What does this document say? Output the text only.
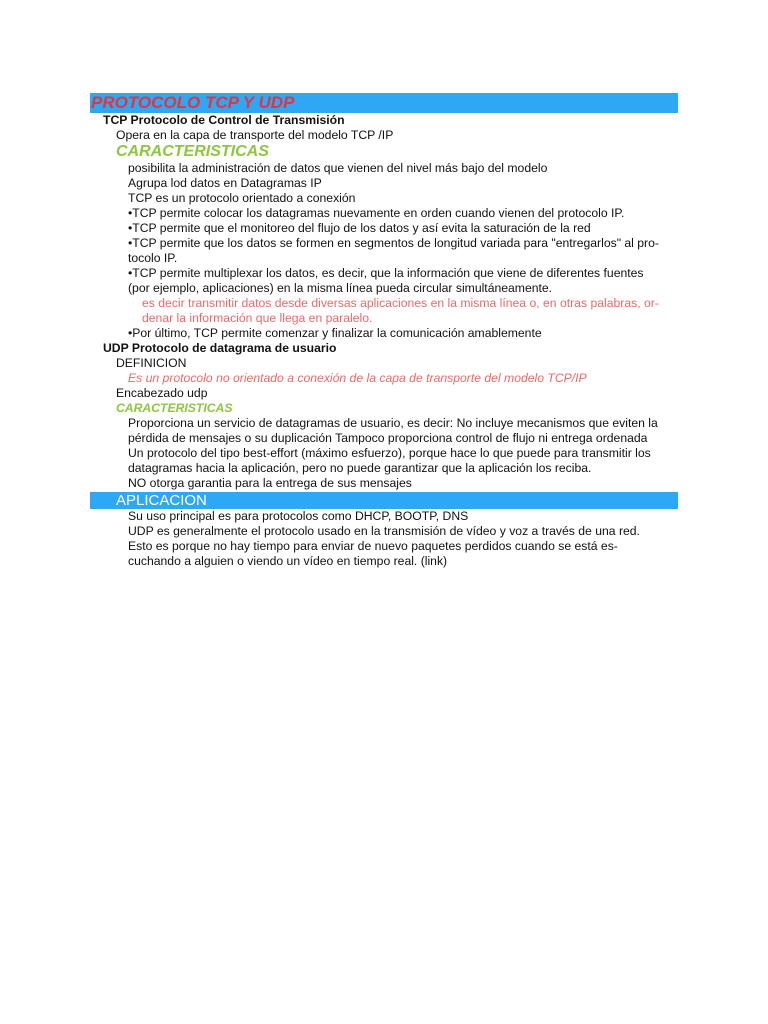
PROTOCOLO TCP Y UDP
TCP Protocolo de Control de Transmisión
Opera en la capa de transporte del modelo TCP /IP
CARACTERISTICAS
posibilita la administración de datos que vienen del nivel más bajo del modelo
Agrupa lod datos en Datagramas IP
TCP es un protocolo orientado a conexión
•TCP permite colocar los datagramas nuevamente en orden cuando vienen del protocolo IP.
•TCP permite que el monitoreo del flujo de los datos y así evita la saturación de la red
•TCP permite que los datos se formen en segmentos de longitud variada para "entregarlos" al pro-
tocolo IP.
•TCP permite multiplexar los datos, es decir, que la información que viene de diferentes fuentes
(por ejemplo, aplicaciones) en la misma línea pueda circular simultáneamente.
es decir transmitir datos desde diversas aplicaciones en la misma línea o, en otras palabras, or-
denar la información que llega en paralelo.
•Por último, TCP permite comenzar y finalizar la comunicación amablemente
UDP Protocolo de datagrama de usuario
DEFINICION
Es un protocolo no orientado a conexión de la capa de transporte del modelo TCP/IP
Encabezado udp
CARACTERISTICAS
Proporciona un servicio de datagramas de usuario, es decir: No incluye mecanismos que eviten la
pérdida de mensajes o su duplicación Tampoco proporciona control de flujo ni entrega ordenada
Un protocolo del tipo best-effort (máximo esfuerzo), porque hace lo que puede para transmitir los
datagramas hacia la aplicación, pero no puede garantizar que la aplicación los reciba.
NO otorga garantia para la entrega de sus mensajes
APLICACION
Su uso principal es para protocolos como DHCP, BOOTP, DNS
UDP es generalmente el protocolo usado en la transmisión de vídeo y voz a través de una red.
Esto es porque no hay tiempo para enviar de nuevo paquetes perdidos cuando se está es-
cuchando a alguien o viendo un vídeo en tiempo real. (link)
